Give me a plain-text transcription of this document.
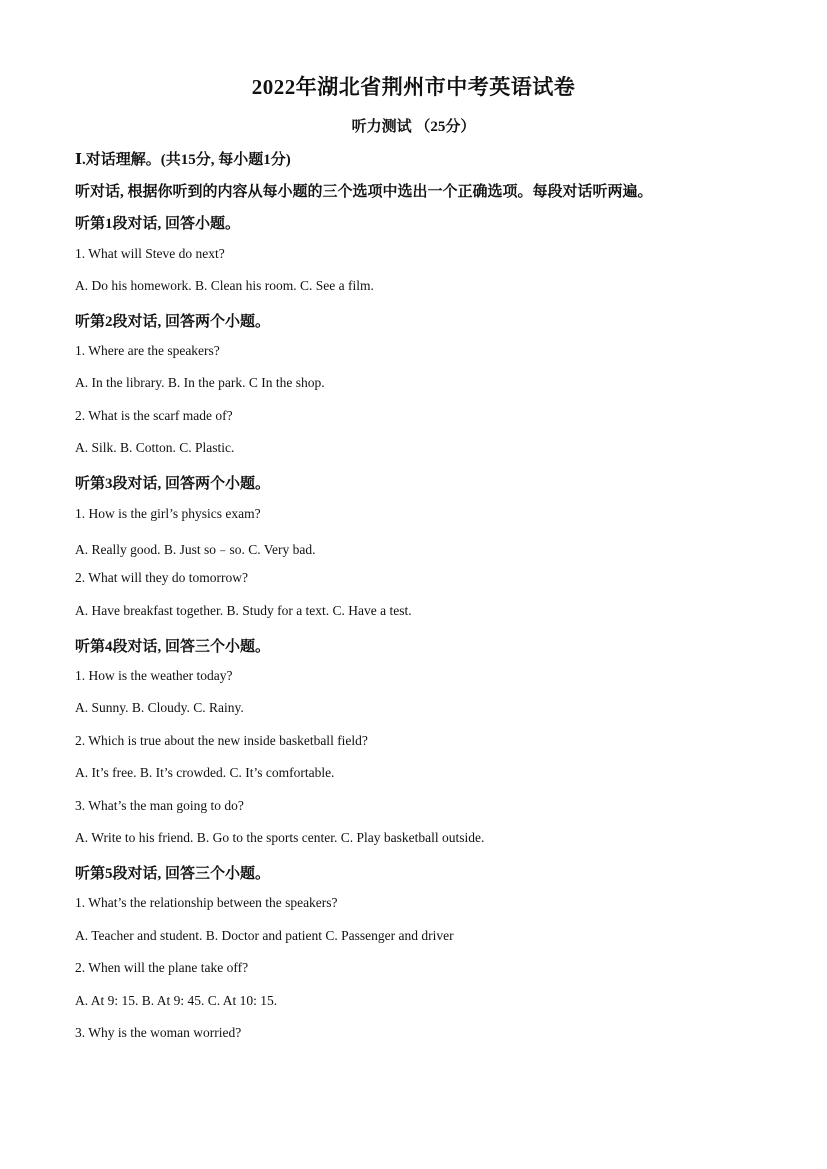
2022年湖北省荆州市中考英语试卷
听力测试 （25分）
Ⅰ.对话理解。(共15分, 每小题1分)
听对话, 根据你听到的内容从每小题的三个选项中选出一个正确选项。每段对话听两遍。
听第1段对话, 回答小题。
1. What will Steve do next?
A. Do his homework. B. Clean his room. C. See a film.
听第2段对话, 回答两个小题。
1. Where are the speakers?
A. In the library. B. In the park. C In the shop.
2. What is the scarf made of?
A. Silk. B. Cotton. C. Plastic.
听第3段对话, 回答两个小题。
1. How is the girl’s physics exam?
A. Really good. B. Just so﹣so. C. Very bad.
2. What will they do tomorrow?
A. Have breakfast together. B. Study for a text. C. Have a test.
听第4段对话, 回答三个小题。
1. How is the weather today?
A. Sunny. B. Cloudy. C. Rainy.
2. Which is true about the new inside basketball field?
A. It’s free. B. It’s crowded. C. It’s comfortable.
3. What’s the man going to do?
A. Write to his friend. B. Go to the sports center. C. Play basketball outside.
听第5段对话, 回答三个小题。
1. What’s the relationship between the speakers?
A. Teacher and student. B. Doctor and patient C. Passenger and driver
2. When will the plane take off?
A. At 9: 15. B. At 9: 45. C. At 10: 15.
3. Why is the woman worried?
